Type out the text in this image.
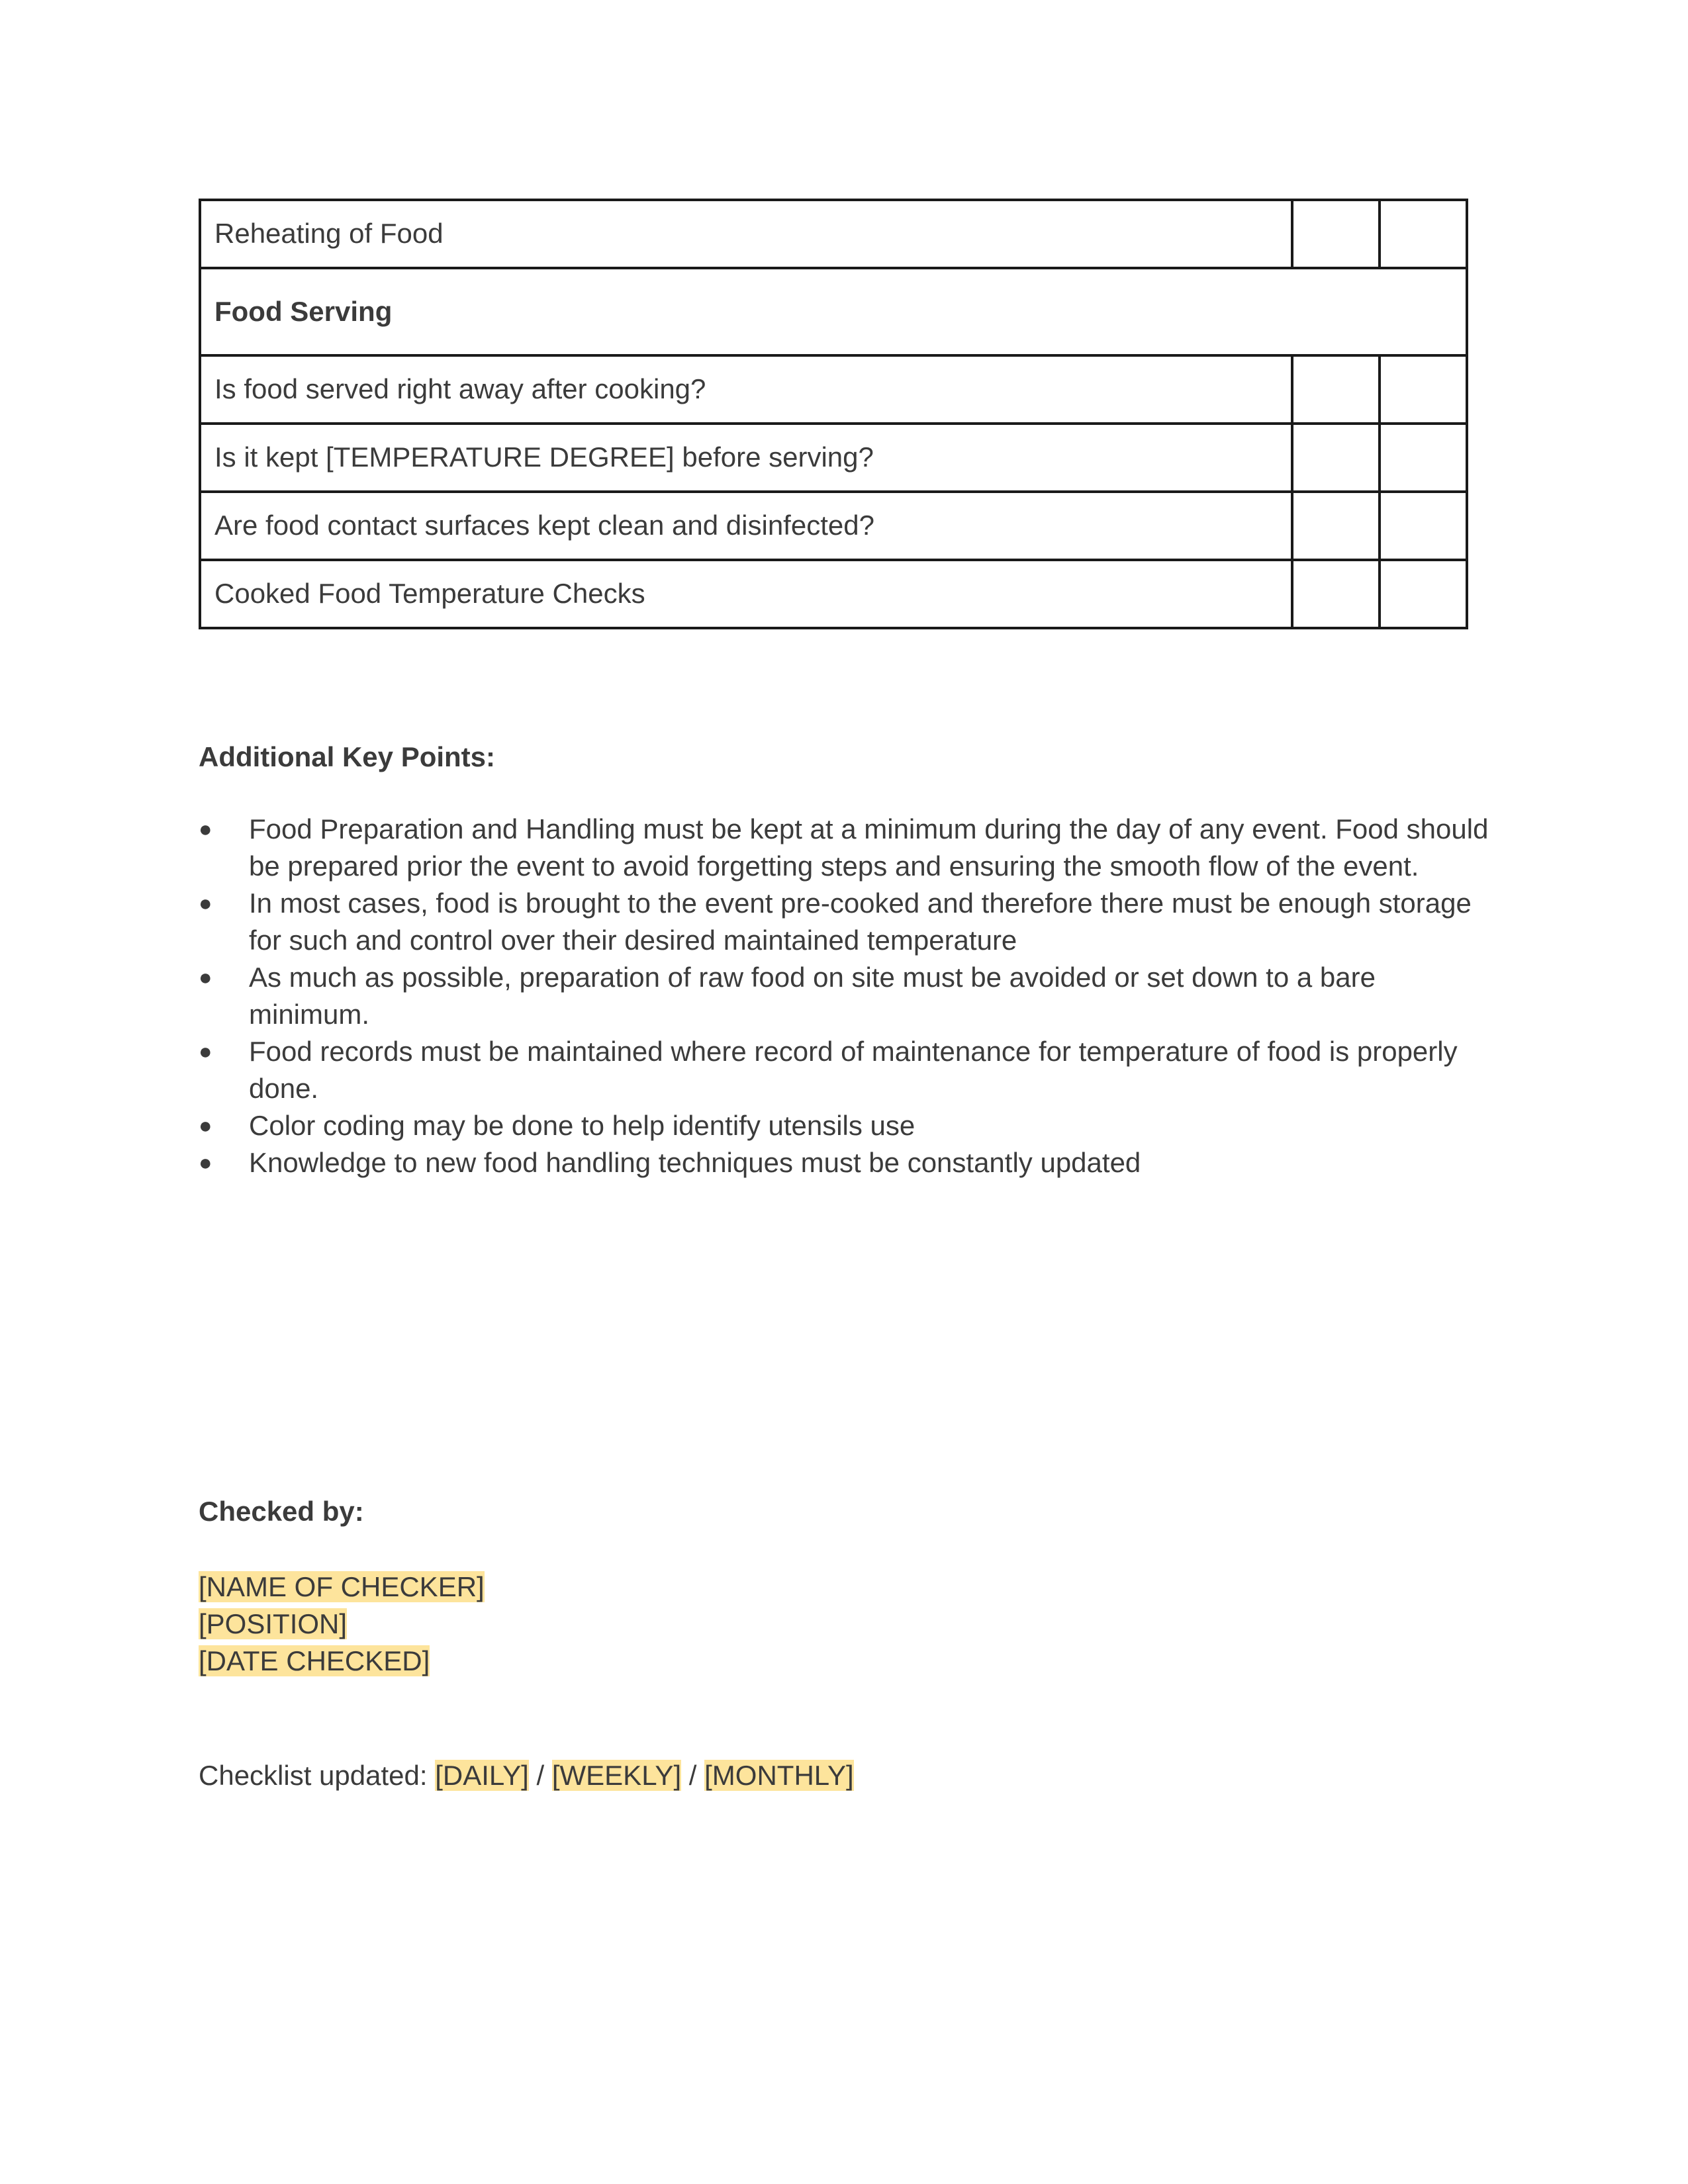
Reheating of Food		
Food Serving		
Is food served right away after cooking?		
Is it kept [TEMPERATURE DEGREE] before serving?		
Are food contact surfaces kept clean and disinfected?		
Cooked Food Temperature Checks		

Additional Key Points:

●	Food Preparation and Handling must be kept at a minimum during the day of any event. Food should be prepared prior the event to avoid forgetting steps and ensuring the smooth flow of the event.
●	In most cases, food is brought to the event pre-cooked and therefore there must be enough storage for such and control over their desired maintained temperature
●	As much as possible, preparation of raw food on site must be avoided or set down to a bare minimum.
●	Food records must be maintained where record of maintenance for temperature of food is properly done.
●	Color coding may be done to help identify utensils use
●	Knowledge to new food handling techniques must be constantly updated

Checked by:

[NAME OF CHECKER]
[POSITION]
[DATE CHECKED]
Checklist updated: [DAILY] / [WEEKLY] / [MONTHLY]
